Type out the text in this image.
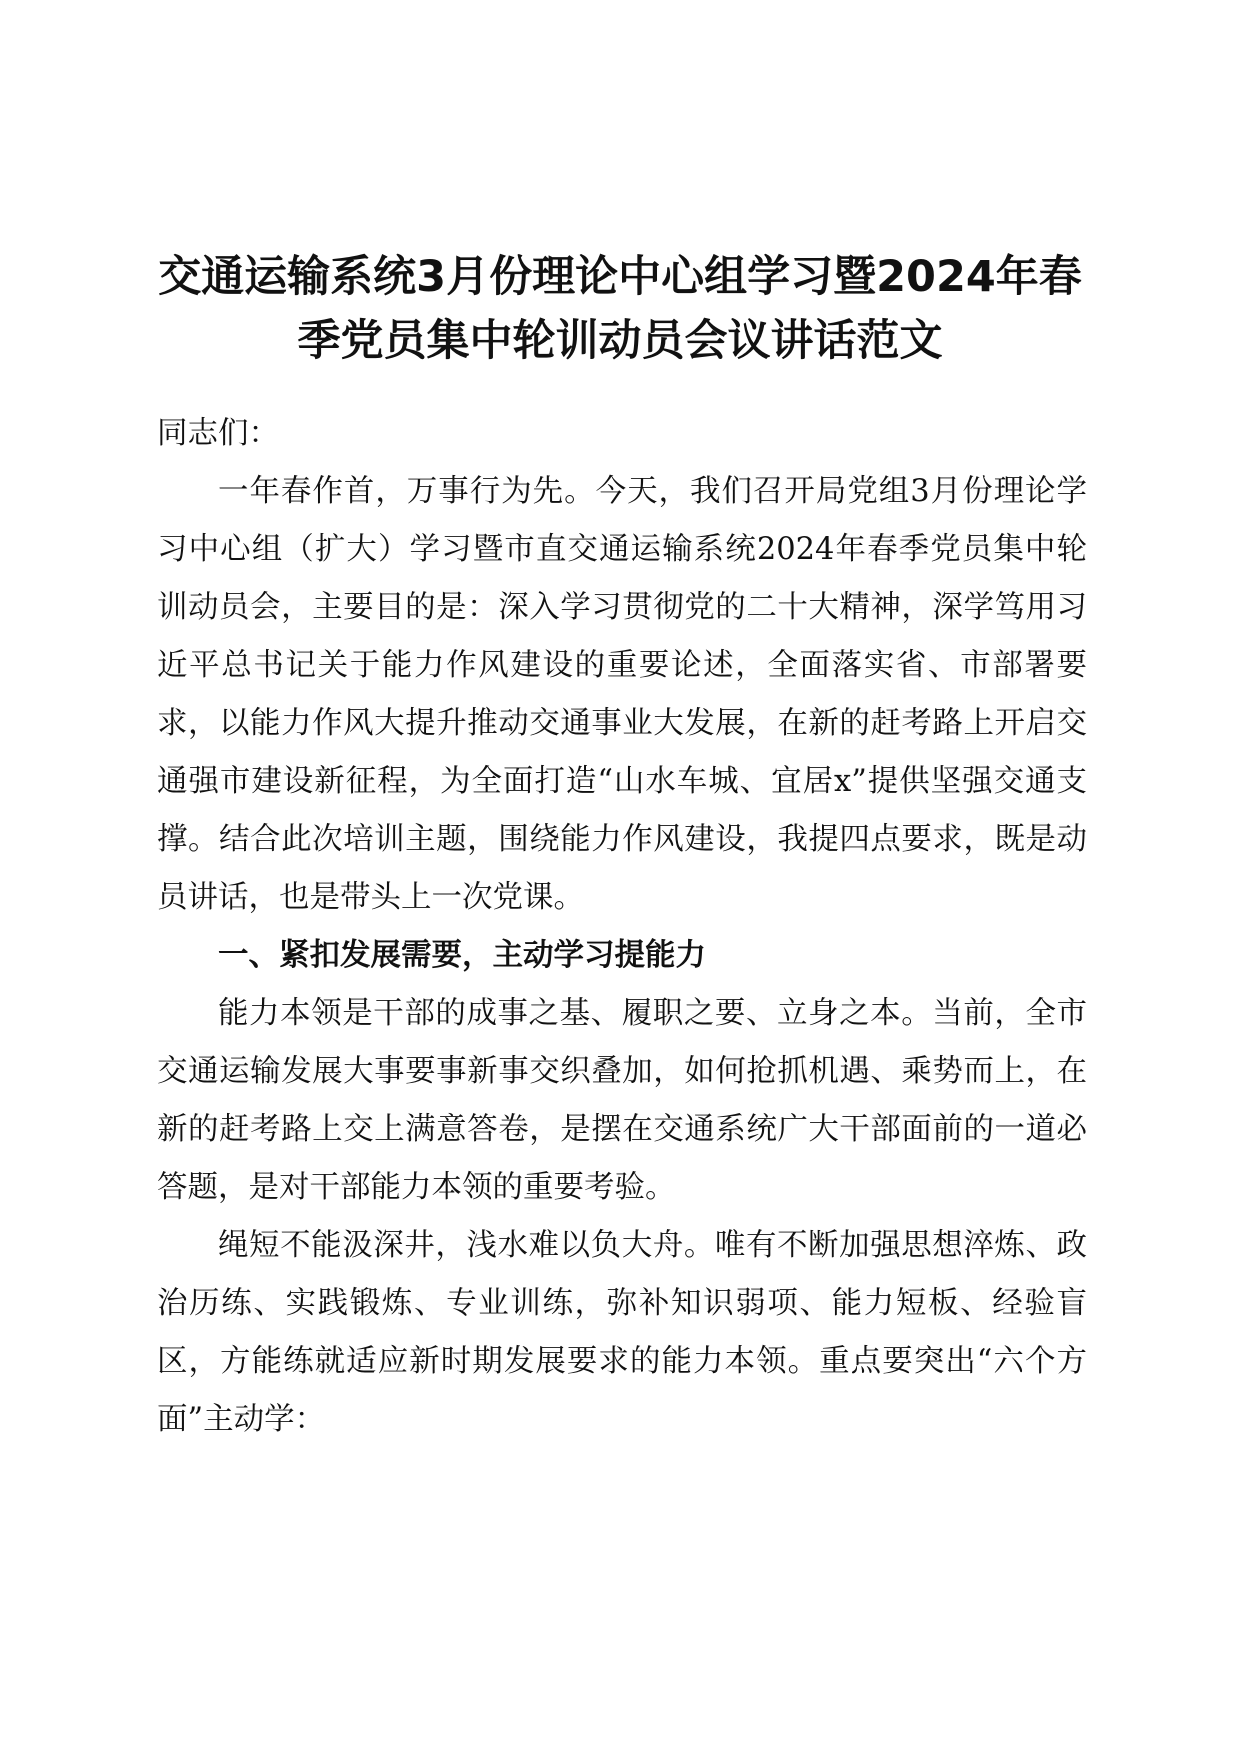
交通运输系统3月份理论中心组学习暨2024年春季党员集中轮训动员会议讲话范文

同志们：

一年春作首，万事行为先。今天，我们召开局党组3月份理论学习中心组（扩大）学习暨市直交通运输系统2024年春季党员集中轮训动员会，主要目的是：深入学习贯彻党的二十大精神，深学笃用习近平总书记关于能力作风建设的重要论述，全面落实省、市部署要求，以能力作风大提升推动交通事业大发展，在新的赶考路上开启交通强市建设新征程，为全面打造“山水车城、宜居x”提供坚强交通支撑。结合此次培训主题，围绕能力作风建设，我提四点要求，既是动员讲话，也是带头上一次党课。

一、紧扣发展需要，主动学习提能力

能力本领是干部的成事之基、履职之要、立身之本。当前，全市交通运输发展大事要事新事交织叠加，如何抢抓机遇、乘势而上，在新的赶考路上交上满意答卷，是摆在交通系统广大干部面前的一道必答题，是对干部能力本领的重要考验。

绳短不能汲深井，浅水难以负大舟。唯有不断加强思想淬炼、政治历练、实践锻炼、专业训练，弥补知识弱项、能力短板、经验盲区，方能练就适应新时期发展要求的能力本领。重点要突出“六个方面”主动学：
